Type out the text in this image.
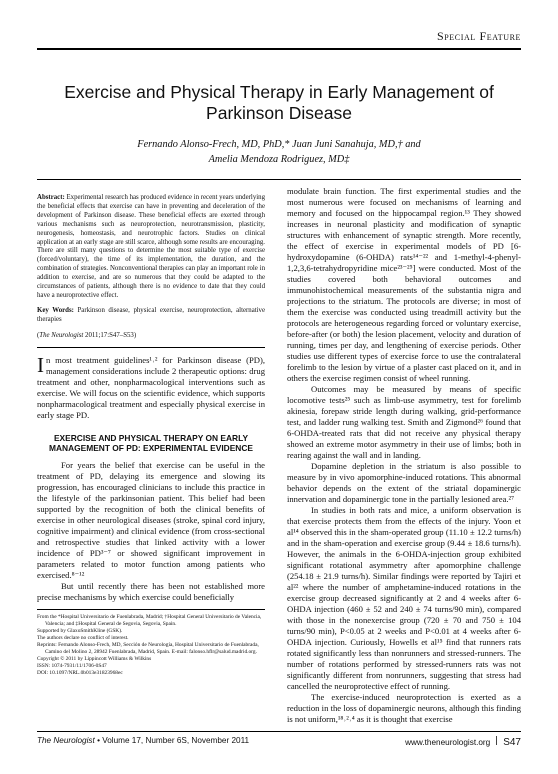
Special Feature
Exercise and Physical Therapy in Early Management of Parkinson Disease
Fernando Alonso-Frech, MD, PhD,* Juan Juni Sanahuja, MD,† and
Amelia Mendoza Rodriguez, MD‡
Abstract: Experimental research has produced evidence in recent years underlying the beneficial effects that exercise can have in preventing and deceleration of the development of Parkinson disease. These beneficial effects are exerted through various mechanisms such as neuroprotection, neurotransmission, plasticity, neurogenesis, homeostasis, and neurotrophic factors. Studies on clinical application at an early stage are still scarce, although some results are encouraging. There are still many questions to determine the most suitable type of exercise (forced/voluntary), the time of its implementation, the duration, and the combination of strategies. Nonconventional therapies can play an important role in addition to exercise, and are so numerous that they could be adapted to the circumstances of patients, although there is no evidence to date that they could have a neuroprotective effect.
Key Words: Parkinson disease, physical exercise, neuroprotection, alternative therapies
(The Neurologist 2011;17:S47–S53)
In most treatment guidelines¹˒² for Parkinson disease (PD), management considerations include 2 therapeutic options: drug treatment and other, nonpharmacological interventions such as exercise. We will focus on the scientific evidence, which supports nonpharmacological treatment and especially physical exercise in early stage PD.
EXERCISE AND PHYSICAL THERAPY ON EARLY MANAGEMENT OF PD: EXPERIMENTAL EVIDENCE

For years the belief that exercise can be useful in the treatment of PD, delaying its emergence and slowing its progression, has encouraged clinicians to include this practice in the lifestyle of the parkinsonian patient. This belief had been supported by the recognition of both the clinical benefits of exercise in other neurological diseases (stroke, spinal cord injury, cognitive impairment) and clinical evidence (from cross-sectional and retrospective studies that linked activity with a lower incidence of PD³⁻⁷ or showed significant improvement in parameters related to motor function among patients who exercised.⁸⁻¹²

But until recently there has been not established more precise mechanisms by which exercise could beneficially

From the *Hospital Universitario de Fuenlabrada, Madrid; †Hospital General Universitario de Valencia, Valencia; and ‡Hospital General de Segovia, Segovia, Spain.
Supported by GlaxoSmithKline (GSK).
The authors declare no conflict of interest.
Reprints: Fernando Alonso-Frech, MD, Sección de Neurología, Hospital Universitario de Fuenlabrada, Camino del Molino 2, 28942 Fuenlabrada, Madrid, Spain. E-mail: falonso.hflr@salud.madrid.org.
Copyright © 2011 by Lippincott Williams & Wilkins
ISSN: 1074-7931/11/1706-0S47
DOI: 10.1097/NRL.0b013e31823968ec

modulate brain function. The first experimental studies and the most numerous were focused on mechanisms of learning and memory and focused on the hippocampal region.¹³ They showed increases in neuronal plasticity and modification of synaptic structures with enhancement of synaptic strength. More recently, the effect of exercise in experimental models of PD [6-hydroxydopamine (6-OHDA) rats¹⁴⁻²² and 1-methyl-4-phenyl-1,2,3,6-tetrahydropyridine mice²³⁻²⁵] were conducted. Most of the studies covered both behavioral outcomes and immunohistochemical measurements of the substantia nigra and projections to the striatum. The protocols are diverse; in most of them the exercise was conducted using treadmill activity but the protocols are heterogeneous regarding forced or voluntary exercise, before-after (or both) the lesion placement, velocity and duration of running, times per day, and lengthening of exercise periods. Other studies use different types of exercise force to use the contralateral forelimb to the lesion by virtue of a plaster cast placed on it, and in others the exercise regimen consist of wheel running.

Outcomes may be measured by means of specific locomotive tests²⁵ such as limb-use asymmetry, test for forelimb akinesia, forepaw stride length during walking, grid-performance test, and ladder rung walking test. Smith and Zigmond²⁶ found that 6-OHDA-treated rats that did not receive any physical therapy showed an extreme motor asymmetry in their use of limbs; both in rearing against the wall and in landing.

Dopamine depletion in the striatum is also possible to measure by in vivo apomorphine-induced rotations. This abnormal behavior depends on the extent of the striatal dopaminergic innervation and dopaminergic tone in the partially lesioned area.²⁷

In studies in both rats and mice, a uniform observation is that exercise protects them from the effects of the injury. Yoon et al¹⁴ observed this in the sham-operated group (11.10 ± 12.2 turns/h) and in the sham-operation and exercise group (9.44 ± 18.6 turns/h). However, the animals in the 6-OHDA-injection group exhibited significant rotational asymmetry after apomorphine challenge (254.18 ± 21.9 turns/h). Similar findings were reported by Tajiri et al²² where the number of amphetamine-induced rotations in the exercise group decreased significantly at 2 and 4 weeks after 6-OHDA injection (460 ± 52 and 240 ± 74 turns/90 min), compared with those in the nonexercise group (720 ± 70 and 750 ± 104 turns/90 min), P<0.05 at 2 weeks and P<0.01 at 4 weeks after 6-OHDA injection. Curiously, Howells et al¹⁵ find that runners rats rotated significantly less than nonrunners and stressed-runners. The number of rotations performed by stressed-runners rats was not significantly different from nonrunners, suggesting that stress had cancelled the neuroprotective effect of running.

The exercise-induced neuroprotection is exerted as a reduction in the loss of dopaminergic neurons, although this finding is not uniform,¹⁸˒²˒⁴ as it is thought that exercise

The Neurologist • Volume 17, Number 6S, November 2011	www.theneurologist.org S47
